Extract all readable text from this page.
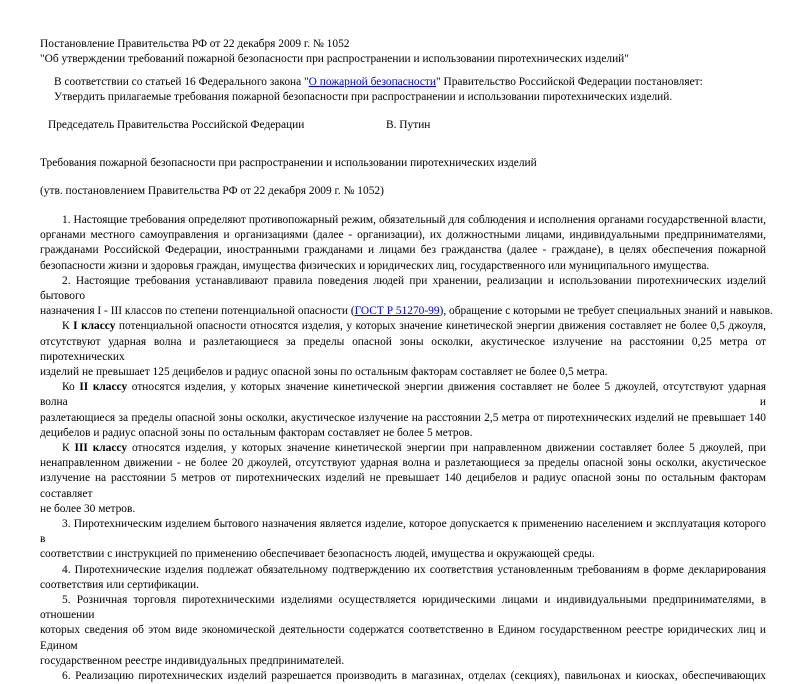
Постановление Правительства РФ от 22 декабря 2009 г. № 1052
"Об утверждении требований пожарной безопасности при распространении и использовании пиротехнических изделий"
В соответствии со статьей 16 Федерального закона "О пожарной безопасности" Правительство Российской Федерации постановляет:
Утвердить прилагаемые требования пожарной безопасности при распространении и использовании пиротехнических изделий.
Председатель Правительства Российской Федерации	В. Путин
Требования пожарной безопасности при распространении и использовании пиротехнических изделий
(утв. постановлением Правительства РФ от 22 декабря 2009 г. № 1052)
1. Настоящие требования определяют противопожарный режим, обязательный для соблюдения и исполнения органами государственной власти,
органами местного самоуправления и организациями (далее - организации), их должностными лицами, индивидуальными предпринимателями,
гражданами Российской Федерации, иностранными гражданами и лицами без гражданства (далее - граждане), в целях обеспечения пожарной
безопасности жизни и здоровья граждан, имущества физических и юридических лиц, государственного или муниципального имущества.
2. Настоящие требования устанавливают правила поведения людей при хранении, реализации и использовании пиротехнических изделий бытового
назначения I - III классов по степени потенциальной опасности (ГОСТ Р 51270-99), обращение с которыми не требует специальных знаний и навыков.
К I классу потенциальной опасности относятся изделия, у которых значение кинетической энергии движения составляет не более 0,5 джоуля,
отсутствуют ударная волна и разлетающиеся за пределы опасной зоны осколки, акустическое излучение на расстоянии 0,25 метра от пиротехнических
изделий не превышает 125 децибелов и радиус опасной зоны по остальным факторам составляет не более 0,5 метра.
Ко II классу относятся изделия, у которых значение кинетической энергии движения составляет не более 5 джоулей, отсутствуют ударная волна и
разлетающиеся за пределы опасной зоны осколки, акустическое излучение на расстоянии 2,5 метра от пиротехнических изделий не превышает 140
децибелов и радиус опасной зоны по остальным факторам составляет не более 5 метров.
К III классу относятся изделия, у которых значение кинетической энергии при направленном движении составляет более 5 джоулей, при
ненаправленном движении - не более 20 джоулей, отсутствуют ударная волна и разлетающиеся за пределы опасной зоны осколки, акустическое
излучение на расстоянии 5 метров от пиротехнических изделий не превышает 140 децибелов и радиус опасной зоны по остальным факторам составляет
не более 30 метров.
3. Пиротехническим изделием бытового назначения является изделие, которое допускается к применению населением и эксплуатация которого в
соответствии с инструкцией по применению обеспечивает безопасность людей, имущества и окружающей среды.
4. Пиротехнические изделия подлежат обязательному подтверждению их соответствия установленным требованиям в форме декларирования
соответствия или сертификации.
5. Розничная торговля пиротехническими изделиями осуществляется юридическими лицами и индивидуальными предпринимателями, в отношении
которых сведения об этом виде экономической деятельности содержатся соответственно в Едином государственном реестре юридических лиц и Едином
государственном реестре индивидуальных предпринимателей.
6. Реализацию пиротехнических изделий разрешается производить в магазинах, отделах (секциях), павильонах и киосках, обеспечивающих
